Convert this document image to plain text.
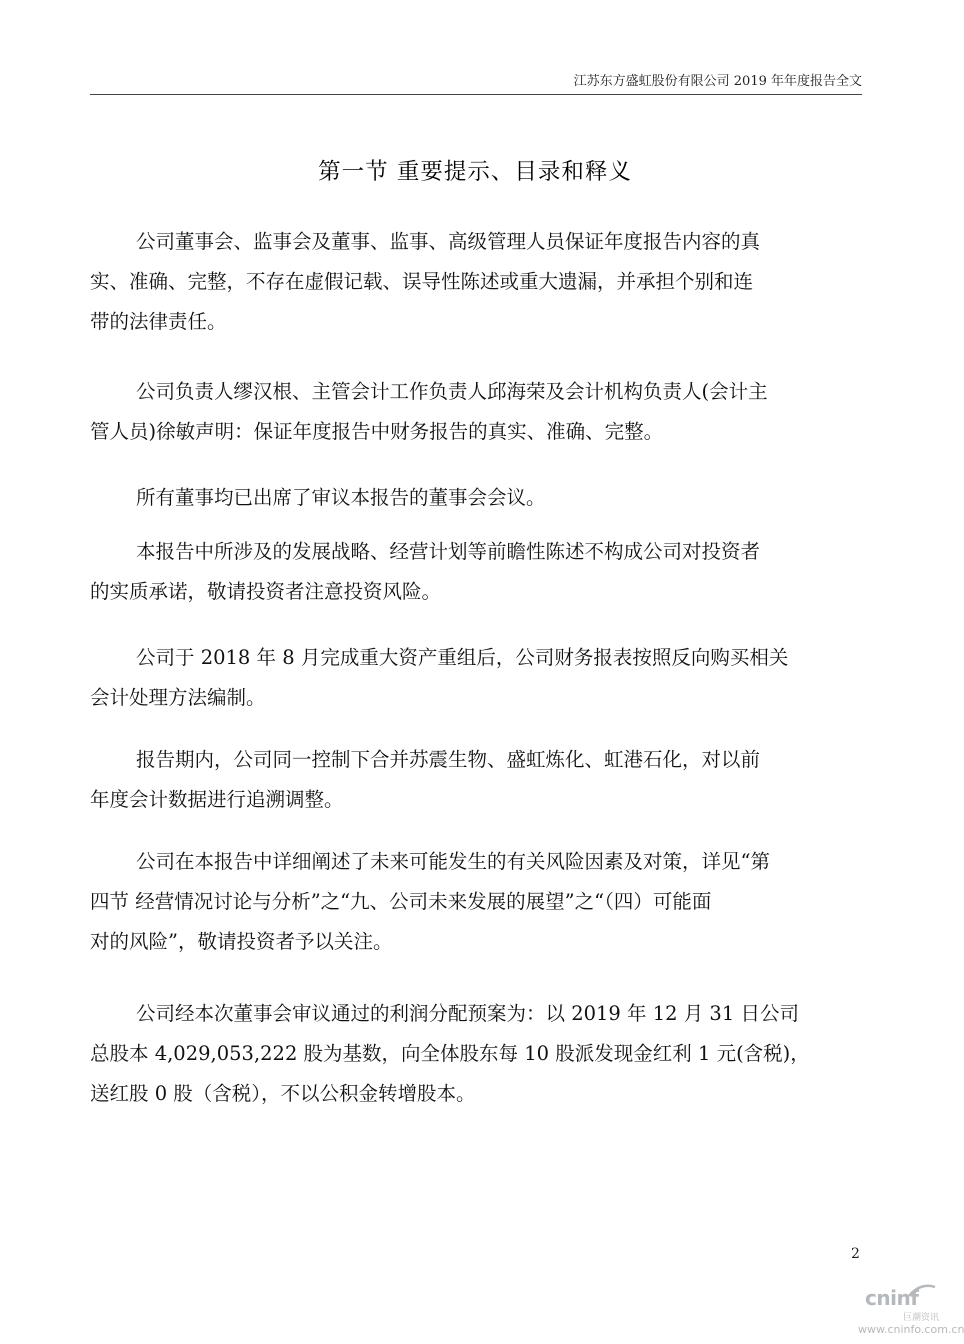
江苏东方盛虹股份有限公司 2019 年年度报告全文
第一节 重要提示、目录和释义
公司董事会、监事会及董事、监事、高级管理人员保证年度报告内容的真
实、准确、完整，不存在虚假记载、误导性陈述或重大遗漏，并承担个别和连
带的法律责任。
公司负责人缪汉根、主管会计工作负责人邱海荣及会计机构负责人(会计主
管人员)徐敏声明：保证年度报告中财务报告的真实、准确、完整。
所有董事均已出席了审议本报告的董事会会议。
本报告中所涉及的发展战略、经营计划等前瞻性陈述不构成公司对投资者
的实质承诺，敬请投资者注意投资风险。
公司于 2018 年 8 月完成重大资产重组后，公司财务报表按照反向购买相关
会计处理方法编制。
报告期内，公司同一控制下合并苏震生物、盛虹炼化、虹港石化，对以前
年度会计数据进行追溯调整。
公司在本报告中详细阐述了未来可能发生的有关风险因素及对策，详见“第
四节 经营情况讨论与分析”之“九、公司未来发展的展望”之“（四）可能面
对的风险”，敬请投资者予以关注。
公司经本次董事会审议通过的利润分配预案为：以 2019 年 12 月 31 日公司
总股本 4,029,053,222 股为基数，向全体股东每 10 股派发现金红利 1 元(含税)，
送红股 0 股（含税），不以公积金转增股本。
2
cninf
巨潮资讯
www.cninfo.com.cn
